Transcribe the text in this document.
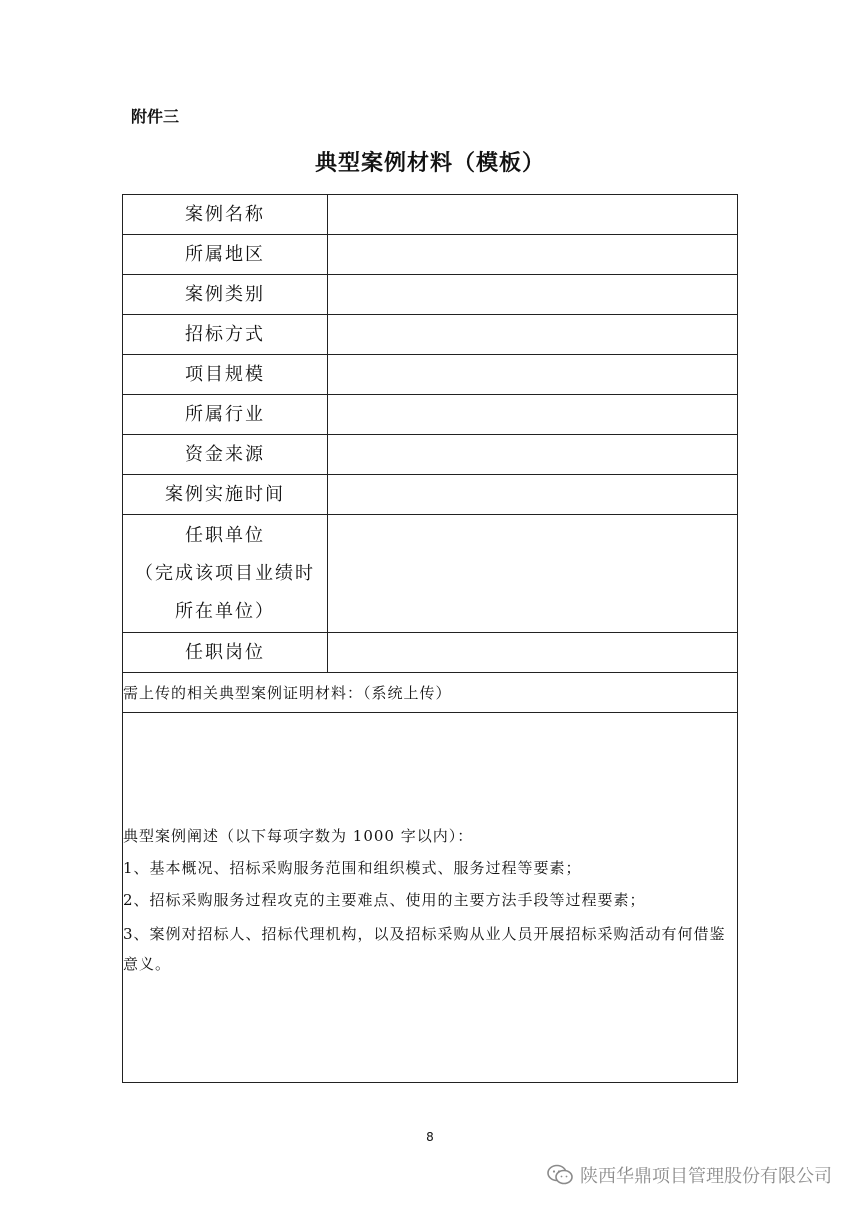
附件三
典型案例材料（模板）
案例名称	
所属地区	
案例类别	
招标方式	
项目规模	
所属行业	
资金来源	
案例实施时间	

任职单位
（完成该项目业绩时
所在单位）	

任职岗位	
需上传的相关典型案例证明材料：（系统上传）	

典型案例阐述（以下每项字数为 1000 字以内）：
1、基本概况、招标采购服务范围和组织模式、服务过程等要素；
2、招标采购服务过程攻克的主要难点、使用的主要方法手段等过程要素；
3、案例对招标人、招标代理机构，以及招标采购从业人员开展招标采购活动有何借鉴意义。	
8
陕西华鼎项目管理股份有限公司
